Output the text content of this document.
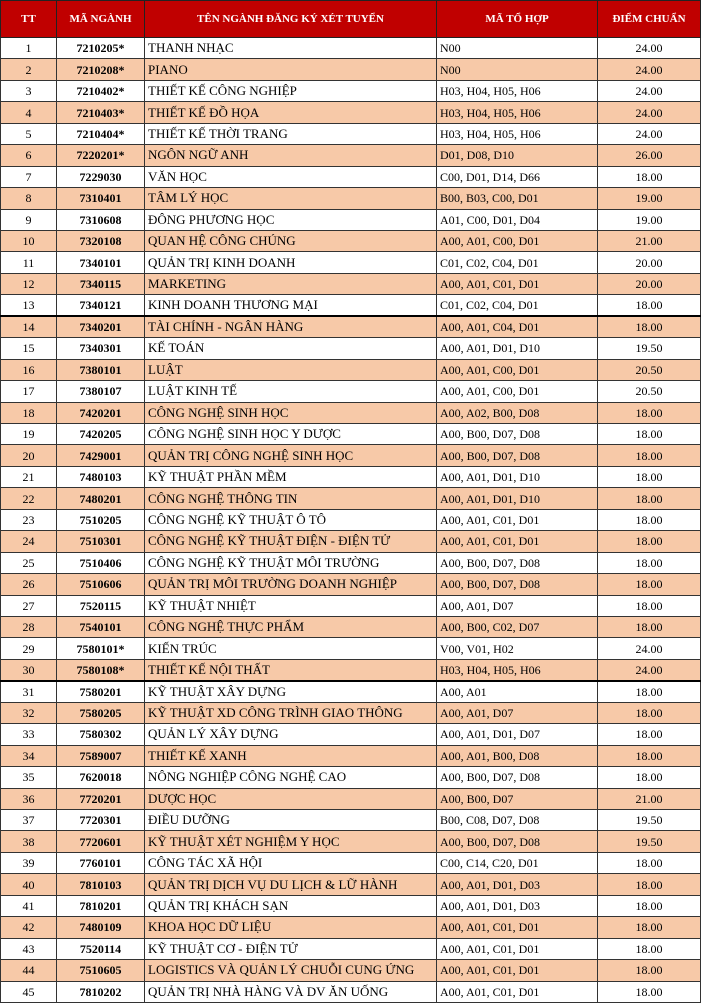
TT	MÃ NGÀNH	TÊN NGÀNH ĐĂNG KÝ XÉT TUYỂN	MÃ TỔ HỢP	ĐIỂM CHUẨN
1	7210205*	THANH NHẠC	N00	24.00
2	7210208*	PIANO	N00	24.00
3	7210402*	THIẾT KẾ CÔNG NGHIỆP	H03, H04, H05, H06	24.00
4	7210403*	THIẾT KẾ ĐỒ HỌA	H03, H04, H05, H06	24.00
5	7210404*	THIẾT KẾ THỜI TRANG	H03, H04, H05, H06	24.00
6	7220201*	NGÔN NGỮ ANH	D01, D08, D10	26.00
7	7229030	VĂN HỌC	C00, D01, D14, D66	18.00
8	7310401	TÂM LÝ HỌC	B00, B03, C00, D01	19.00
9	7310608	ĐÔNG PHƯƠNG HỌC	A01, C00, D01, D04	19.00
10	7320108	QUAN HỆ CÔNG CHÚNG	A00, A01, C00, D01	21.00
11	7340101	QUẢN TRỊ KINH DOANH	C01, C02, C04, D01	20.00
12	7340115	MARKETING	A00, A01, C01, D01	20.00
13	7340121	KINH DOANH THƯƠNG MẠI	C01, C02, C04, D01	18.00
14	7340201	TÀI CHÍNH - NGÂN HÀNG	A00, A01, C04, D01	18.00
15	7340301	KẾ TOÁN	A00, A01, D01, D10	19.50
16	7380101	LUẬT	A00, A01, C00, D01	20.50
17	7380107	LUẬT KINH TẾ	A00, A01, C00, D01	20.50
18	7420201	CÔNG NGHỆ SINH HỌC	A00, A02, B00, D08	18.00
19	7420205	CÔNG NGHỆ SINH HỌC Y DƯỢC	A00, B00, D07, D08	18.00
20	7429001	QUẢN TRỊ CÔNG NGHỆ SINH HỌC	A00, B00, D07, D08	18.00
21	7480103	KỸ THUẬT PHẦN MỀM	A00, A01, D01, D10	18.00
22	7480201	CÔNG NGHỆ THÔNG TIN	A00, A01, D01, D10	18.00
23	7510205	CÔNG NGHỆ KỸ THUẬT Ô TÔ	A00, A01, C01, D01	18.00
24	7510301	CÔNG NGHỆ KỸ THUẬT ĐIỆN - ĐIỆN TỬ	A00, A01, C01, D01	18.00
25	7510406	CÔNG NGHỆ KỸ THUẬT MÔI TRƯỜNG	A00, B00, D07, D08	18.00
26	7510606	QUẢN TRỊ MÔI TRƯỜNG DOANH NGHIỆP	A00, B00, D07, D08	18.00
27	7520115	KỸ THUẬT NHIỆT	A00, A01, D07	18.00
28	7540101	CÔNG NGHỆ THỰC PHẨM	A00, B00, C02, D07	18.00
29	7580101*	KIẾN TRÚC	V00, V01, H02	24.00
30	7580108*	THIẾT KẾ NỘI THẤT	H03, H04, H05, H06	24.00
31	7580201	KỸ THUẬT XÂY DỰNG	A00, A01	18.00
32	7580205	KỸ THUẬT XD CÔNG TRÌNH GIAO THÔNG	A00, A01, D07	18.00
33	7580302	QUẢN LÝ XÂY DỰNG	A00, A01, D01, D07	18.00
34	7589007	THIẾT KẾ XANH	A00, A01, B00, D08	18.00
35	7620018	NÔNG NGHIỆP CÔNG NGHỆ CAO	A00, B00, D07, D08	18.00
36	7720201	DƯỢC HỌC	A00, B00, D07	21.00
37	7720301	ĐIỀU DƯỠNG	B00, C08, D07, D08	19.50
38	7720601	KỸ THUẬT XÉT NGHIỆM Y HỌC	A00, B00, D07, D08	19.50
39	7760101	CÔNG TÁC XÃ HỘI	C00, C14, C20, D01	18.00
40	7810103	QUẢN TRỊ DỊCH VỤ DU LỊCH & LỮ HÀNH	A00, A01, D01, D03	18.00
41	7810201	QUẢN TRỊ KHÁCH SẠN	A00, A01, D01, D03	18.00
42	7480109	KHOA HỌC DỮ LIỆU	A00, A01, C01, D01	18.00
43	7520114	KỸ THUẬT CƠ - ĐIỆN TỬ	A00, A01, C01, D01	18.00
44	7510605	LOGISTICS VÀ QUẢN LÝ CHUỖI CUNG ỨNG	A00, A01, C01, D01	18.00
45	7810202	QUẢN TRỊ NHÀ HÀNG VÀ DV ĂN UỐNG	A00, A01, C01, D01	18.00
